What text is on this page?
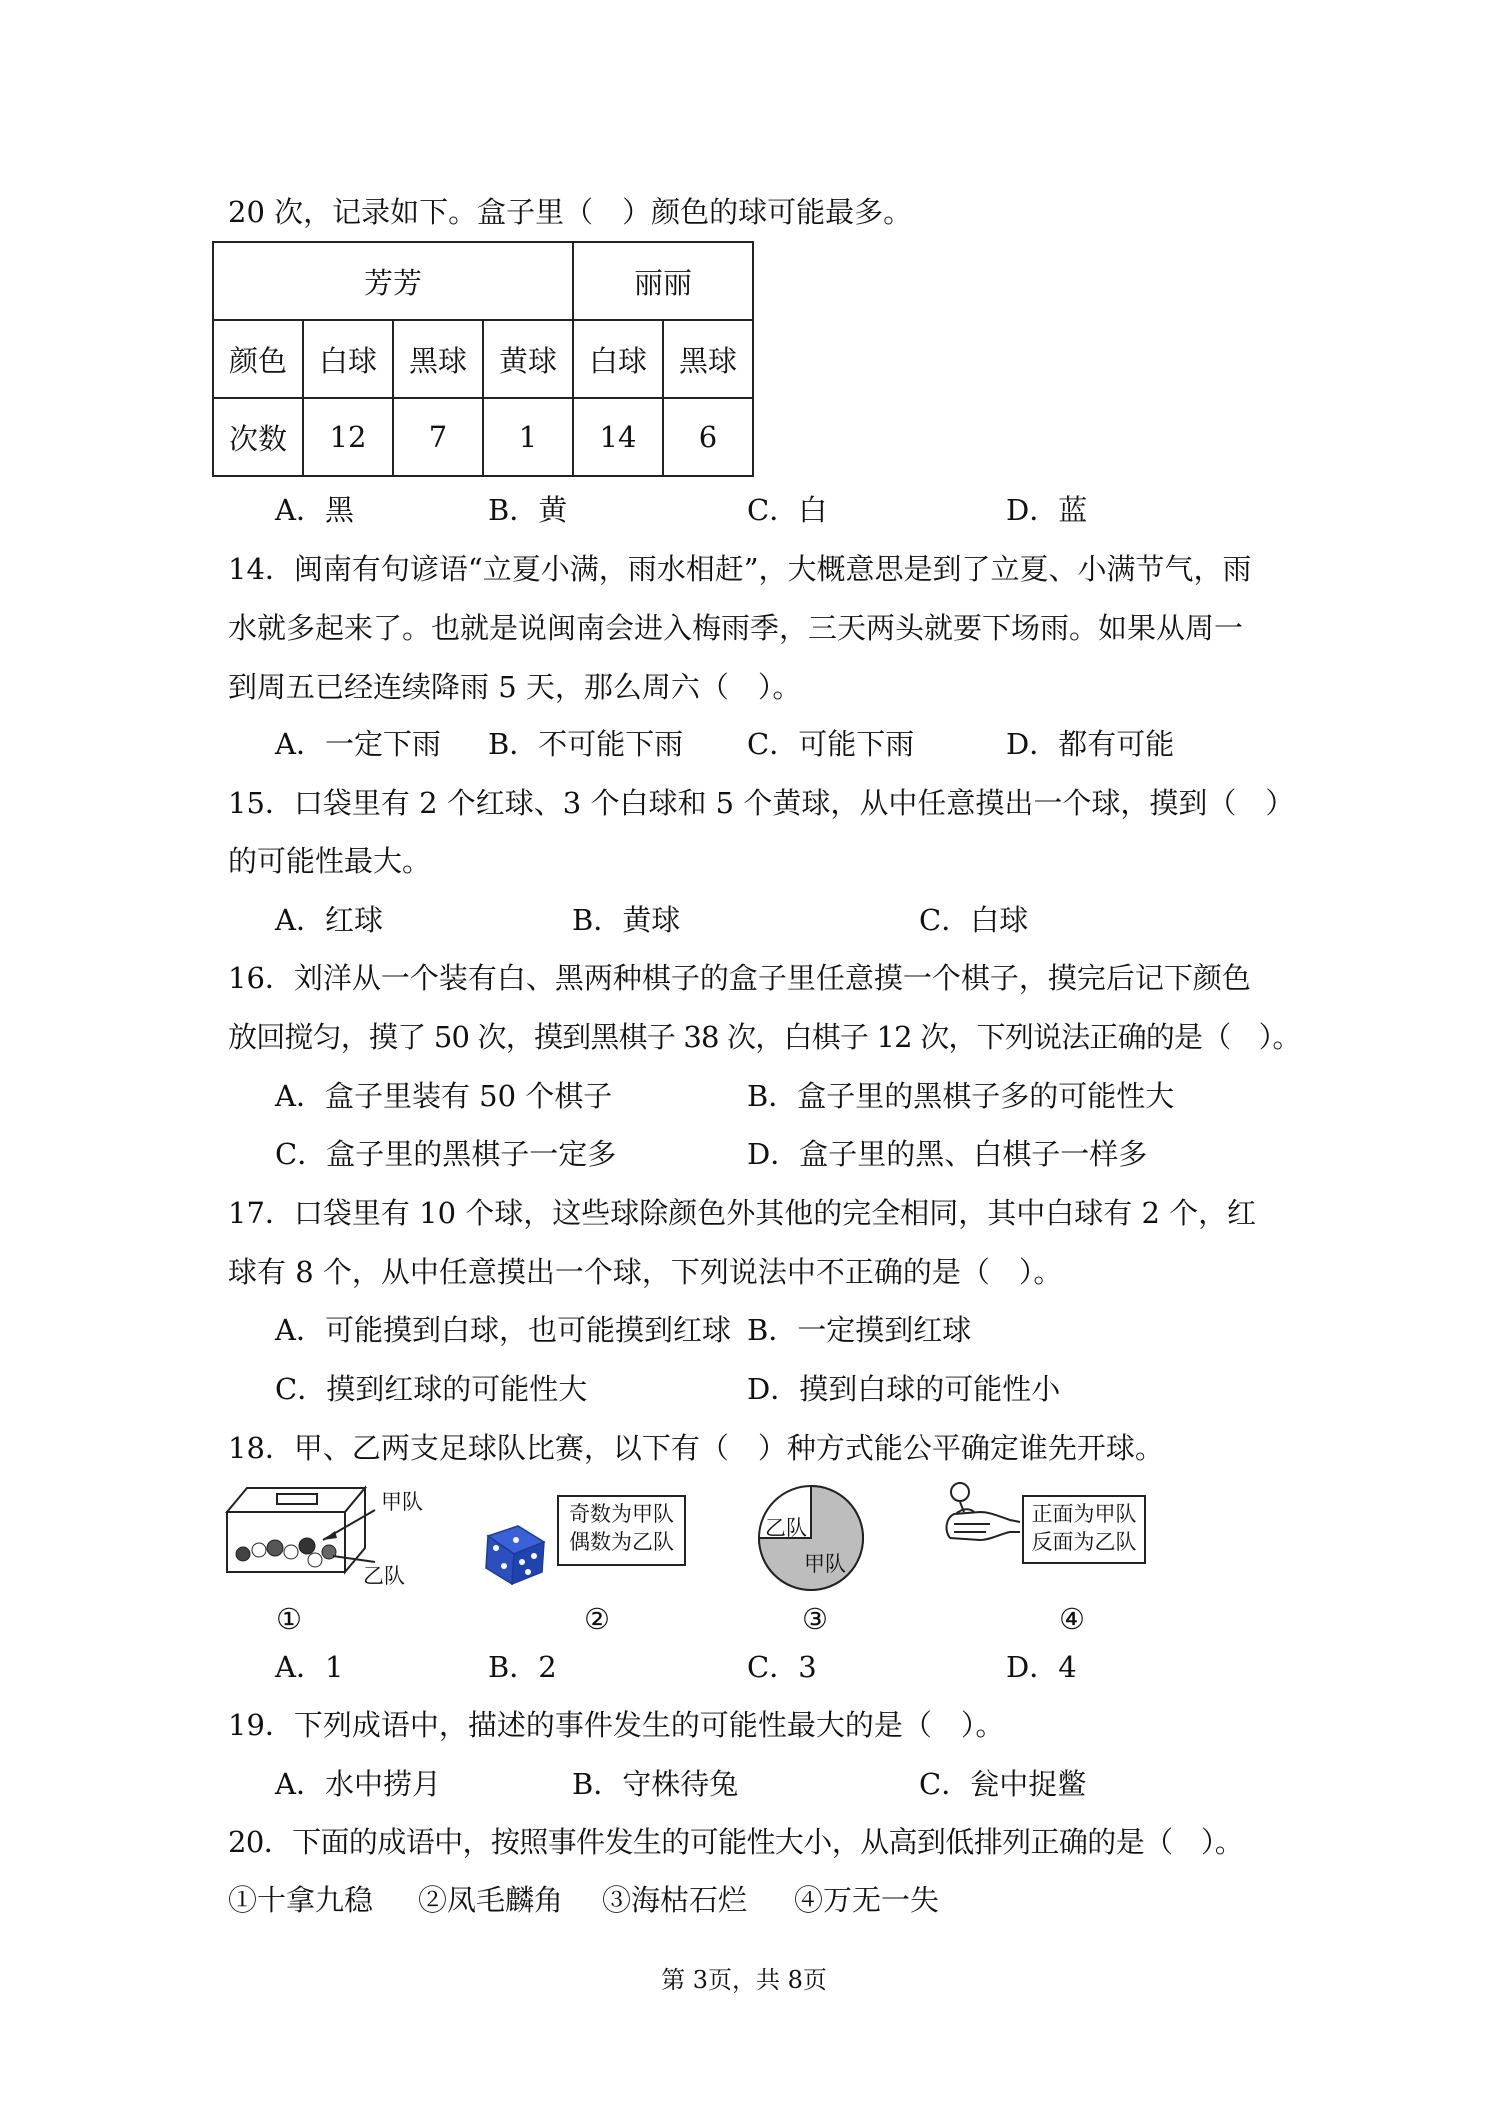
20 次，记录如下。盒子里（　）颜色的球可能最多。
芳芳				丽丽	
颜色	白球	黑球	黄球	白球	黑球
次数	12	7	1	14	6
A．黑	B．黄	C．白	D．蓝
14．闽南有句谚语“立夏小满，雨水相赶”，大概意思是到了立夏、小满节气，雨
水就多起来了。也就是说闽南会进入梅雨季，三天两头就要下场雨。如果从周一
到周五已经连续降雨 5 天，那么周六（　）。
A．一定下雨 B．不可能下雨 C．可能下雨	D．都有可能
15．口袋里有 2 个红球、3 个白球和 5 个黄球，从中任意摸出一个球，摸到（　）
的可能性最大。
A．红球	B．黄球	C．白球
16．刘洋从一个装有白、黑两种棋子的盒子里任意摸一个棋子，摸完后记下颜色
放回搅匀，摸了 50 次，摸到黑棋子 38 次，白棋子 12 次，下列说法正确的是（　）。
A．盒子里装有 50 个棋子	B．盒子里的黑棋子多的可能性大
C．盒子里的黑棋子一定多	D．盒子里的黑、白棋子一样多
17．口袋里有 10 个球，这些球除颜色外其他的完全相同，其中白球有 2 个，红
球有 8 个，从中任意摸出一个球，下列说法中不正确的是（　）。
A．可能摸到白球，也可能摸到红球 B．一定摸到红球
C．摸到红球的可能性大	D．摸到白球的可能性小
18．甲、乙两支足球队比赛，以下有（　）种方式能公平确定谁先开球。
甲队
乙队
奇数为甲队
偶数为乙队
乙队
甲队
正面为甲队
反面为乙队
①	②	③	④
A．1	B．2	C．3	D．4
19．下列成语中，描述的事件发生的可能性最大的是（　）。
A．水中捞月	B．守株待兔	C．瓮中捉鳖
20．下面的成语中，按照事件发生的可能性大小，从高到低排列正确的是（　）。
①十拿九稳 ②凤毛麟角 ③海枯石烂 ④万无一失
第 3页，共 8页
